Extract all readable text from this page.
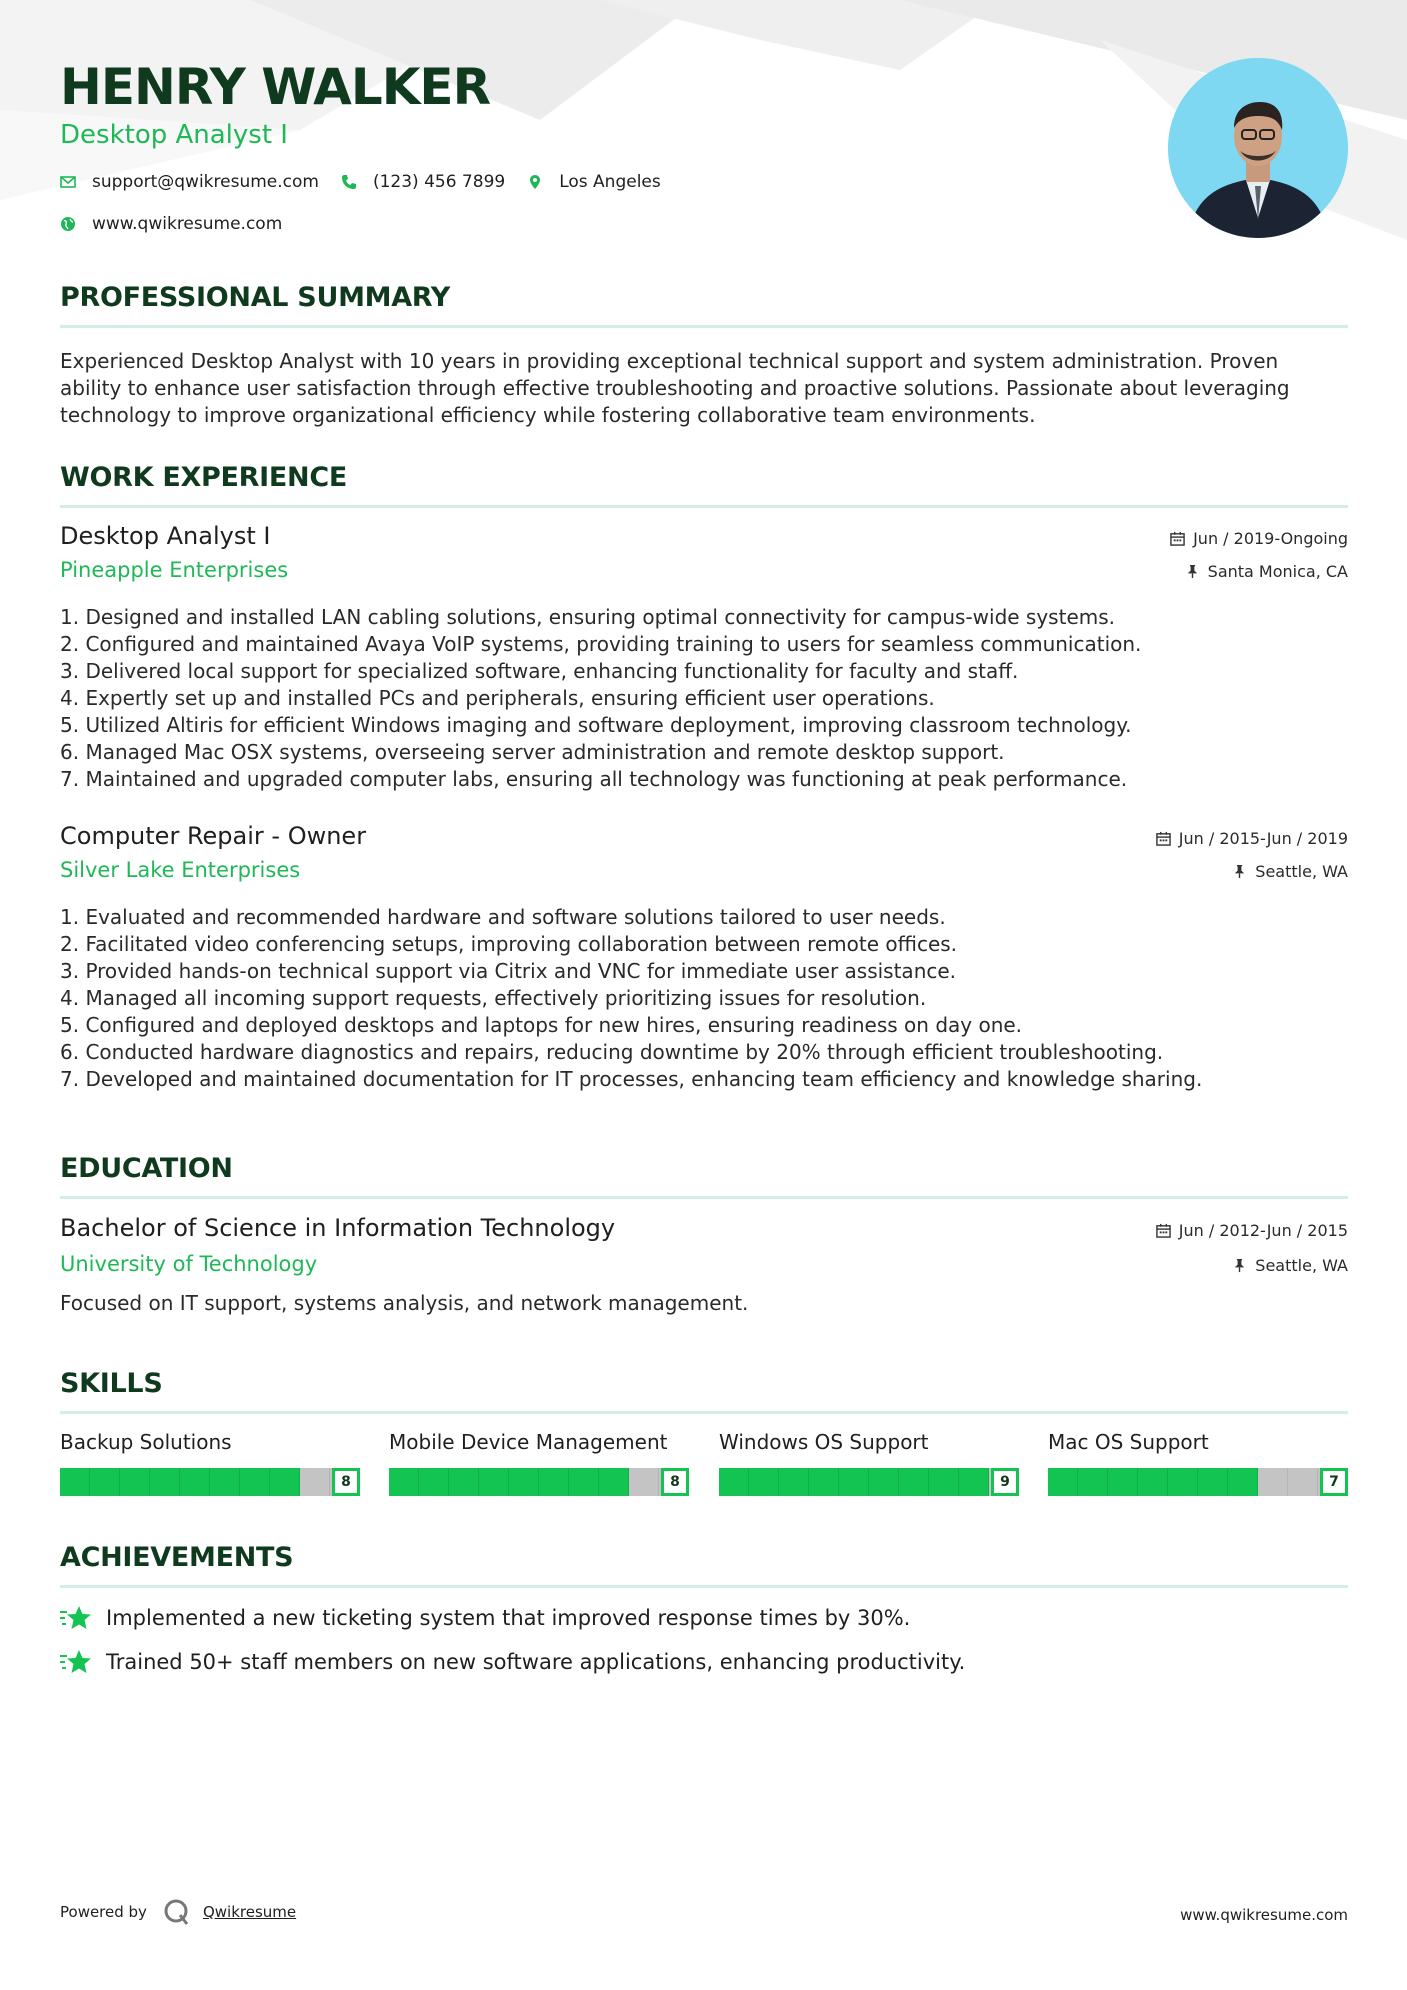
HENRY WALKER

Desktop Analyst I

support@qwikresume.com	(123) 456 7899	Los Angeles
www.qwikresume.com
PROFESSIONAL SUMMARY

Experienced Desktop Analyst with 10 years in providing exceptional technical support and system administration. Proven

ability to enhance user satisfaction through effective troubleshooting and proactive solutions. Passionate about leveraging

technology to improve organizational efficiency while fostering collaborative team environments.

WORK EXPERIENCE

Desktop Analyst I

Pineapple Enterprises

Jun / 2019-Ongoing
Santa Monica, CA
1. Designed and installed LAN cabling solutions, ensuring optimal connectivity for campus-wide systems.
2. Configured and maintained Avaya VoIP systems, providing training to users for seamless communication.
3. Delivered local support for specialized software, enhancing functionality for faculty and staff.
4. Expertly set up and installed PCs and peripherals, ensuring efficient user operations.
5. Utilized Altiris for efficient Windows imaging and software deployment, improving classroom technology.
6. Managed Mac OSX systems, overseeing server administration and remote desktop support.
7. Maintained and upgraded computer labs, ensuring all technology was functioning at peak performance.

Computer Repair - Owner

Silver Lake Enterprises

Jun / 2015-Jun / 2019
Seattle, WA
1. Evaluated and recommended hardware and software solutions tailored to user needs.
2. Facilitated video conferencing setups, improving collaboration between remote offices.
3. Provided hands-on technical support via Citrix and VNC for immediate user assistance.
4. Managed all incoming support requests, effectively prioritizing issues for resolution.
5. Configured and deployed desktops and laptops for new hires, ensuring readiness on day one.
6. Conducted hardware diagnostics and repairs, reducing downtime by 20% through efficient troubleshooting.
7. Developed and maintained documentation for IT processes, enhancing team efficiency and knowledge sharing.
EDUCATION

Bachelor of Science in Information Technology

University of Technology

Jun / 2012-Jun / 2015
Seattle, WA

Focused on IT support, systems analysis, and network management.

SKILLS

Backup Solutions

8

Mobile Device Management

8

Windows OS Support

9

Mac OS Support

7
ACHIEVEMENTS
Implemented a new ticketing system that improved response times by 30%.
Trained 50+ staff members on new software applications, enhancing productivity.
Powered by	Qwikresume	www.qwikresume.com
